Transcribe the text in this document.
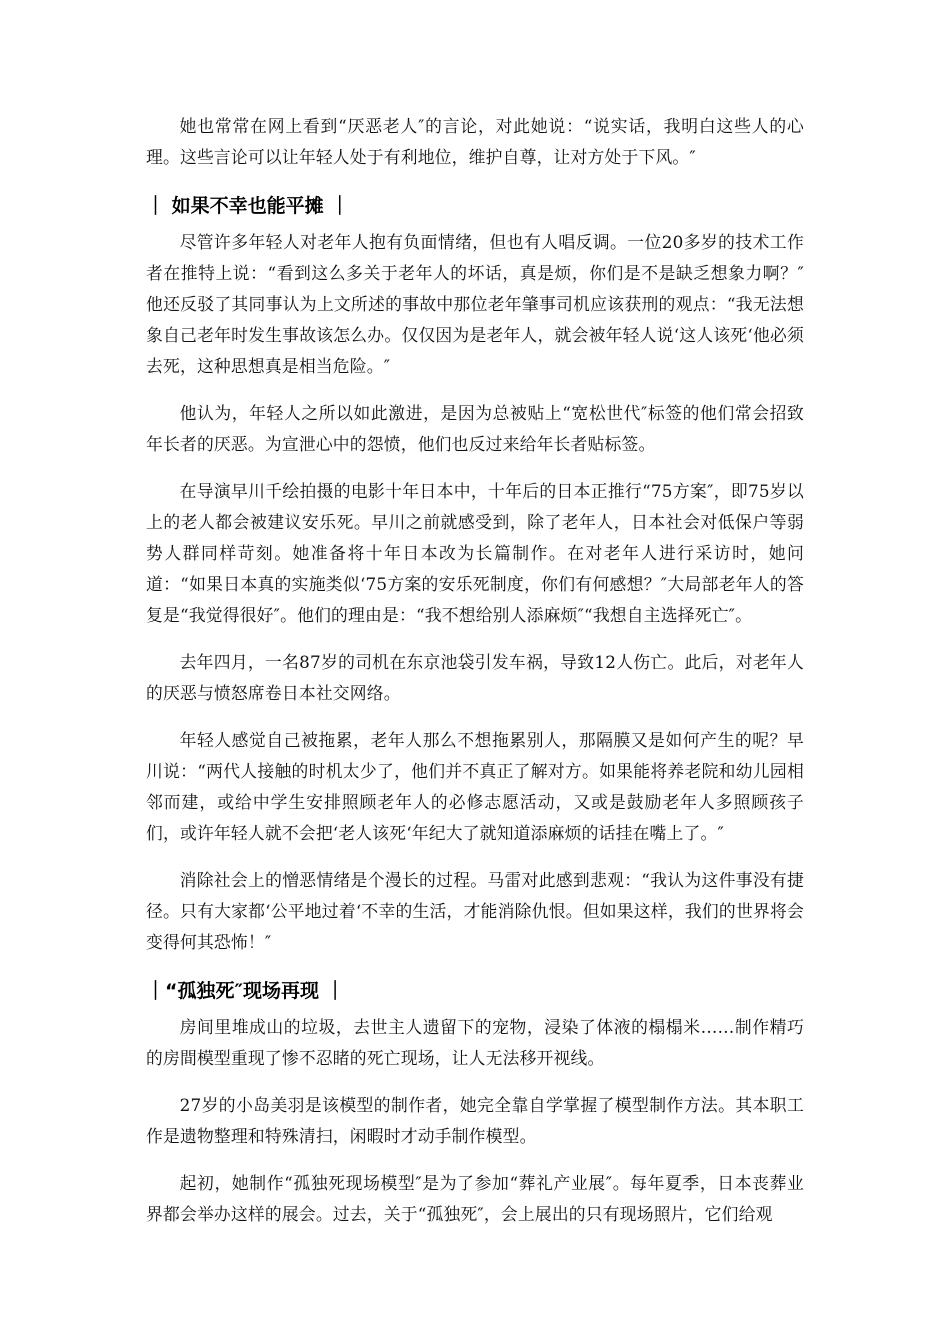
她也常常在网上看到“厌恶老人″的言论，对此她说：“说实话，我明白这些人的心理。这些言论可以让年轻人处于有利地位，维护自尊，让对方处于下风。″

｜ 如果不幸也能平摊 ｜

尽管许多年轻人对老年人抱有负面情绪，但也有人唱反调。一位20多岁的技术工作者在推特上说：“看到这么多关于老年人的坏话，真是烦，你们是不是缺乏想象力啊？″他还反驳了其同事认为上文所述的事故中那位老年肇事司机应该获刑的观点：“我无法想象自己老年时发生事故该怎么办。仅仅因为是老年人，就会被年轻人说‘这人该死‘他必须去死，这种思想真是相当危险。″

他认为，年轻人之所以如此激进，是因为总被贴上“宽松世代″标签的他们常会招致年长者的厌恶。为宣泄心中的怨愤，他们也反过来给年长者贴标签。

在导演早川千绘拍摄的电影十年日本中，十年后的日本正推行“75方案″，即75岁以上的老人都会被建议安乐死。早川之前就感受到，除了老年人，日本社会对低保户等弱势人群同样苛刻。她准备将十年日本改为长篇制作。在对老年人进行采访时，她问道：“如果日本真的实施类似‘75方案的安乐死制度，你们有何感想？″大局部老年人的答复是“我觉得很好″。他们的理由是：“我不想给别人添麻烦″“我想自主选择死亡″。

去年四月，一名87岁的司机在东京池袋引发车祸，导致12人伤亡。此后，对老年人的厌恶与愤怒席卷日本社交网络。

年轻人感觉自己被拖累，老年人那么不想拖累别人，那隔膜又是如何产生的呢？早川说：“两代人接触的时机太少了，他们并不真正了解对方。如果能将养老院和幼儿园相邻而建，或给中学生安排照顾老年人的必修志愿活动，又或是鼓励老年人多照顾孩子们，或许年轻人就不会把‘老人该死‘年纪大了就知道添麻烦的话挂在嘴上了。″

消除社会上的憎恶情绪是个漫长的过程。马雷对此感到悲观：“我认为这件事没有捷径。只有大家都‘公平地过着‘不幸的生活，才能消除仇恨。但如果这样，我们的世界将会变得何其恐怖！″

｜“孤独死″现场再现 ｜

房间里堆成山的垃圾，去世主人遗留下的宠物，浸染了体液的榻榻米……制作精巧的房間模型重现了惨不忍睹的死亡现场，让人无法移开视线。

27岁的小岛美羽是该模型的制作者，她完全靠自学掌握了模型制作方法。其本职工作是遗物整理和特殊清扫，闲暇时才动手制作模型。

起初，她制作“孤独死现场模型″是为了参加“葬礼产业展″。每年夏季，日本丧葬业界都会举办这样的展会。过去，关于“孤独死″，会上展出的只有现场照片，它们给观
